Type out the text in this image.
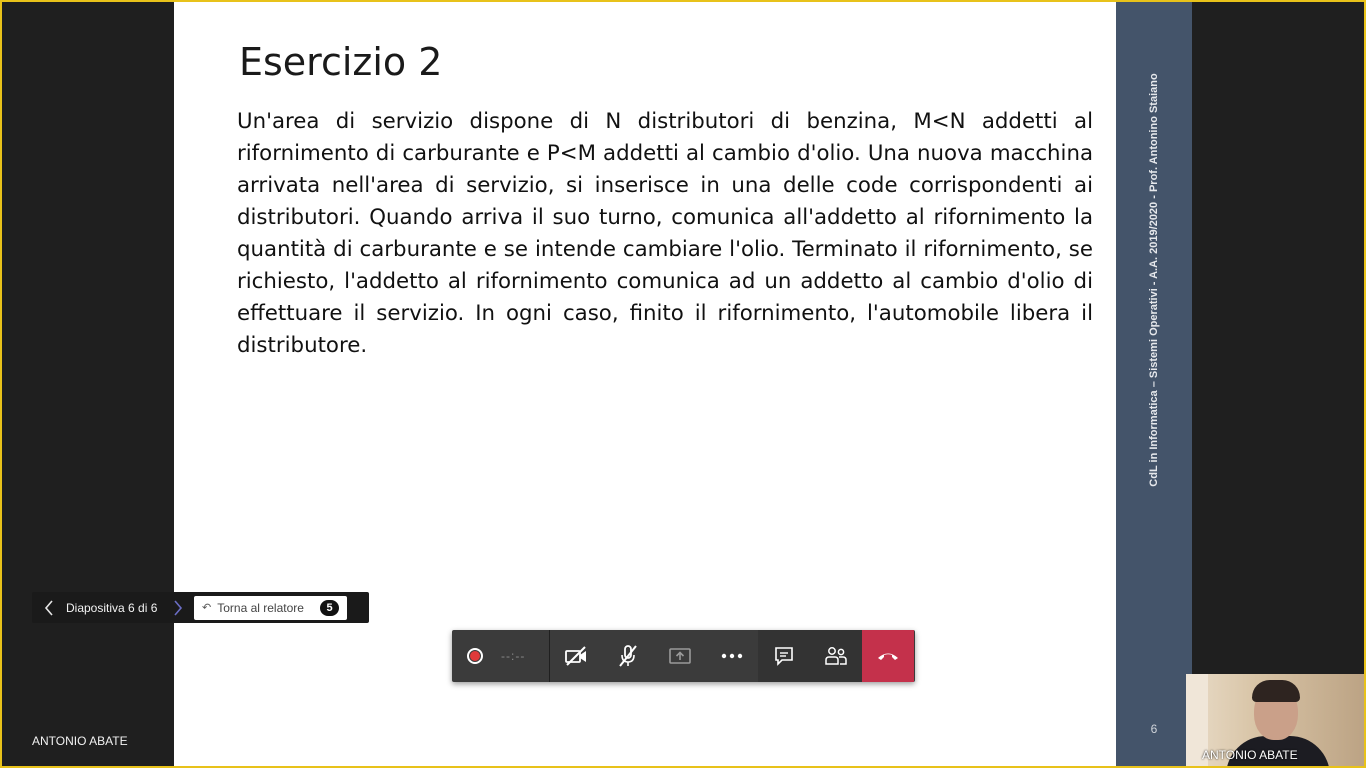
Esercizio 2
Un'area di servizio dispone di N distributori di benzina, M<N addetti al rifornimento di carburante e P<M addetti al cambio d'olio. Una nuova macchina arrivata nell'area di servizio, si inserisce in una delle code corrispondenti ai distributori. Quando arriva il suo turno, comunica all'addetto al rifornimento la quantità di carburante e se intende cambiare l'olio. Terminato il rifornimento, se richiesto, l'addetto al rifornimento comunica ad un addetto al cambio d'olio di effettuare il servizio. In ogni caso, finito il rifornimento, l'automobile libera il distributore.	CdL in Informatica – Sistemi Operativi - A.A. 2019/2020 - Prof. Antonino Staiano
6
Diapositiva 6 di 6	↶ Torna al relatore	5
--:--
ANTONIO ABATE
ANTONIO ABATE
